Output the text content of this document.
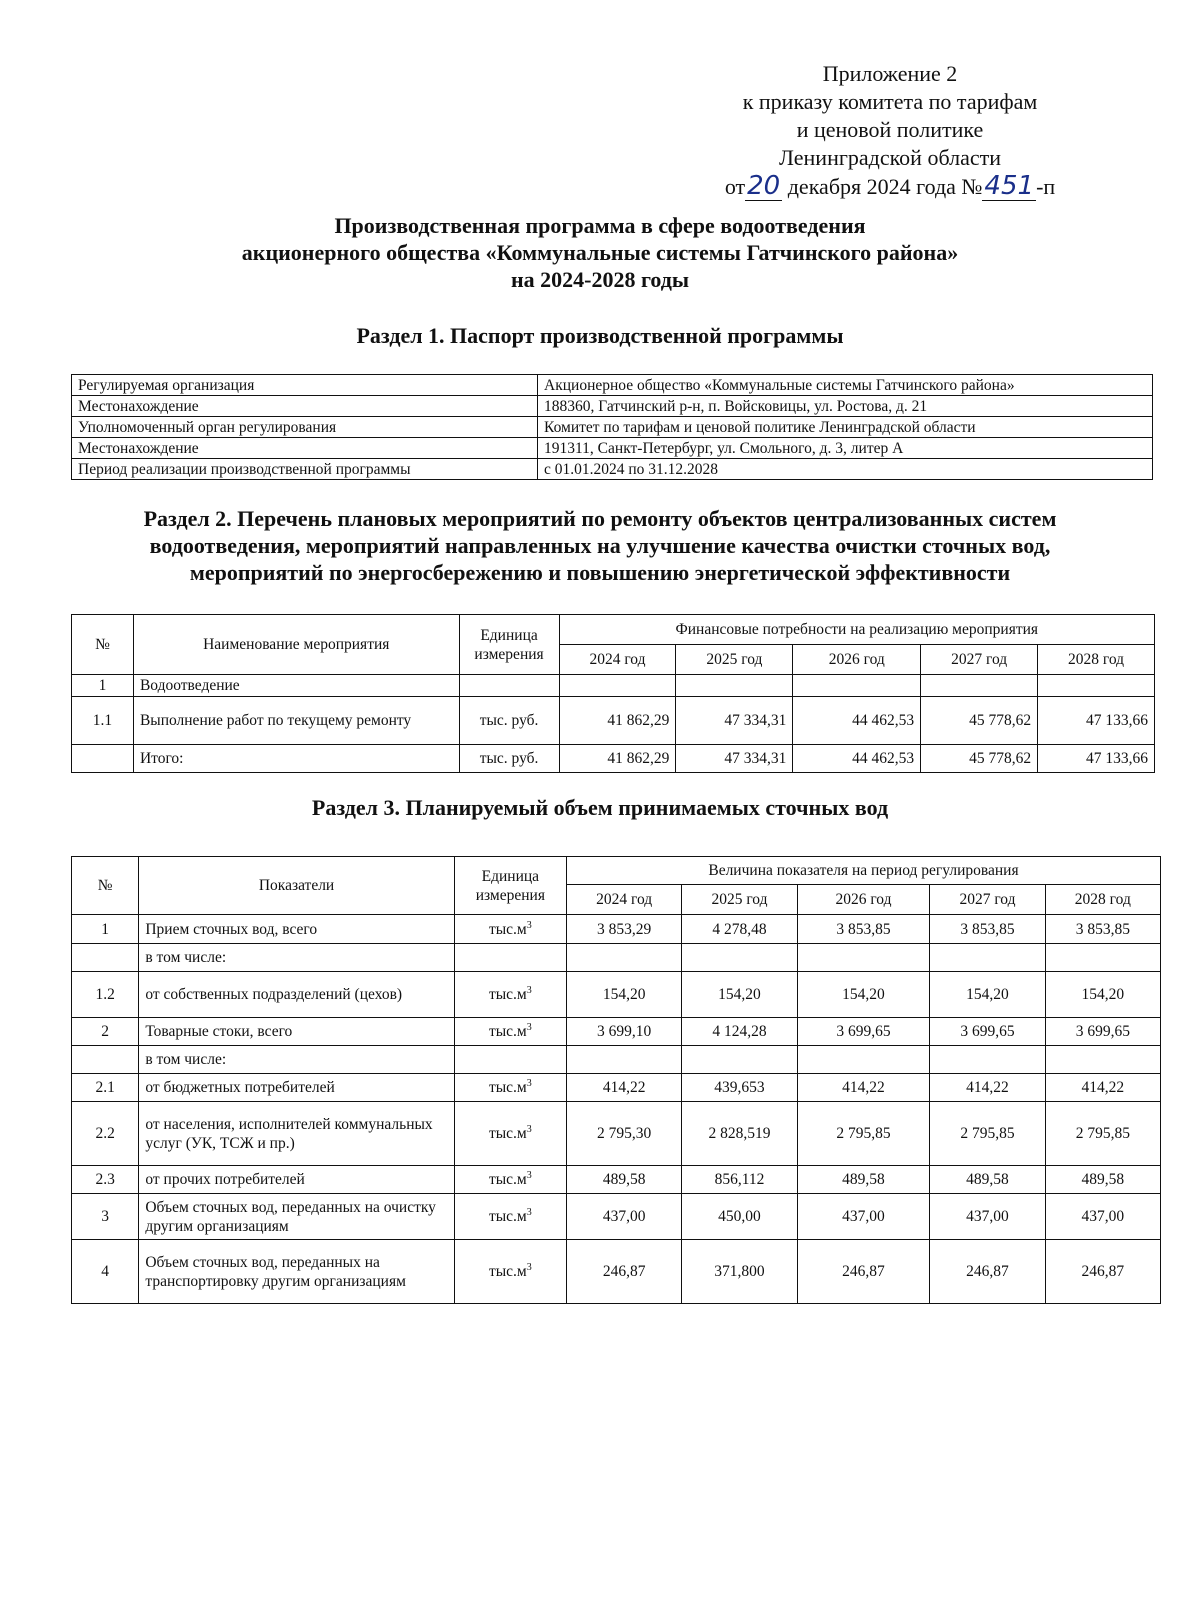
Приложение 2
к приказу комитета по тарифам
и ценовой политике
Ленинградской области
от20 декабря 2024 года №451-п
Производственная программа в сфере водоотведения
акционерного общества «Коммунальные системы Гатчинского района»
на 2024-2028 годы
Раздел 1. Паспорт производственной программы
Регулируемая организация	Акционерное общество «Коммунальные системы Гатчинского района»
Местонахождение	188360, Гатчинский р-н, п. Войсковицы, ул. Ростова, д. 21
Уполномоченный орган регулирования	Комитет по тарифам и ценовой политике Ленинградской области
Местонахождение	191311, Санкт-Петербург, ул. Смольного, д. 3, литер А
Период реализации производственной программы	с 01.01.2024 по 31.12.2028
Раздел 2. Перечень плановых мероприятий по ремонту объектов централизованных систем
водоотведения, мероприятий направленных на улучшение качества очистки сточных вод,
мероприятий по энергосбережению и повышению энергетической эффективности
№	Наименование мероприятия	Единица измерения	Финансовые потребности на реализацию мероприятия				
			2024 год	2025 год	2026 год	2027 год	2028 год
1	Водоотведение						
1.1	Выполнение работ по текущему ремонту	тыс. руб.	41 862,29	47 334,31	44 462,53	45 778,62	47 133,66
	Итого:	тыс. руб.	41 862,29	47 334,31	44 462,53	45 778,62	47 133,66
Раздел 3. Планируемый объем принимаемых сточных вод
№	Показатели	Единица измерения	Величина показателя на период регулирования				
			2024 год	2025 год	2026 год	2027 год	2028 год
1	Прием сточных вод, всего	$тыс.м^3$	3 853,29	4 278,48	3 853,85	3 853,85	3 853,85
	в том числе:						
1.2	от собственных подразделений (цехов)	$тыс.м^3$	154,20	154,20	154,20	154,20	154,20
2	Товарные стоки, всего	$тыс.м^3$	3 699,10	4 124,28	3 699,65	3 699,65	3 699,65
	в том числе:						
2.1	от бюджетных потребителей	$тыс.м^3$	414,22	439,653	414,22	414,22	414,22
2.2	от населения, исполнителей коммунальных услуг (УК, ТСЖ и пр.)	$тыс.м^3$	2 795,30	2 828,519	2 795,85	2 795,85	2 795,85
2.3	от прочих потребителей	$тыс.м^3$	489,58	856,112	489,58	489,58	489,58
3	Объем сточных вод, переданных на очистку другим организациям	$тыс.м^3$	437,00	450,00	437,00	437,00	437,00
4	Объем сточных вод, переданных на транспортировку другим организациям	$тыс.м^3$	246,87	371,800	246,87	246,87	246,87
